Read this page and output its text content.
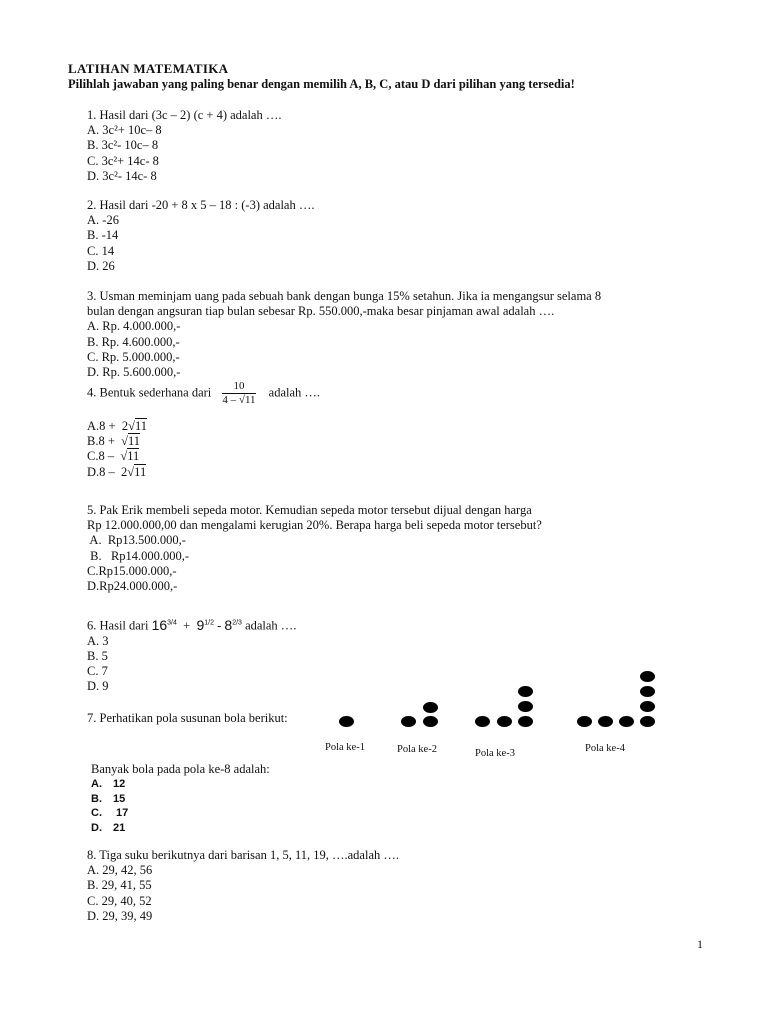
LATIHAN MATEMATIKA
Pilihlah jawaban yang paling benar dengan memilih A, B, C, atau D dari pilihan yang tersedia!
1. Hasil dari (3c – 2) (c + 4) adalah ….
A. 3c²+ 10c– 8
B. 3c²- 10c– 8
C. 3c²+ 14c- 8
D. 3c²- 14c- 8
2. Hasil dari -20 + 8 x 5 – 18 : (-3) adalah ….
A. -26
B. -14
C. 14
D. 26
3. Usman meminjam uang pada sebuah bank dengan bunga 15% setahun. Jika ia mengangsur selama 8
bulan dengan angsuran tiap bulan sebesar Rp. 550.000,-maka besar pinjaman awal adalah ….
A. Rp. 4.000.000,-
B. Rp. 4.600.000,-
C. Rp. 5.000.000,-
D. Rp. 5.600.000,-
4. Bentuk sederhana dari $\frac{10}{4 - √11}$ adalah ….
A.8 + 2√11
B.8 + √11
C.8 – √11
D.8 – 2√11
5. Pak Erik membeli sepeda motor. Kemudian sepeda motor tersebut dijual dengan harga
Rp 12.000.000,00 dan mengalami kerugian 20%. Berapa harga beli sepeda motor tersebut?
A.  Rp13.500.000,-
B.   Rp14.000.000,-
C.Rp15.000.000,-
D.Rp24.000.000,-
6. Hasil dari $16^{3/4} + 9^{1/2} - 8^{2/3}$ adalah ….
A. 3
B. 5
C. 7
D. 9
7. Perhatikan pola susunan bola berikut:
Pola ke-1	Pola ke-2	Pola ke-3	Pola ke-4
Banyak bola pada pola ke-8 adalah:
A. 12
B. 15
C. 17
D. 21
8. Tiga suku berikutnya dari barisan 1, 5, 11, 19, ….adalah ….
A. 29, 42, 56
B. 29, 41, 55
C. 29, 40, 52
D. 29, 39, 49
1
